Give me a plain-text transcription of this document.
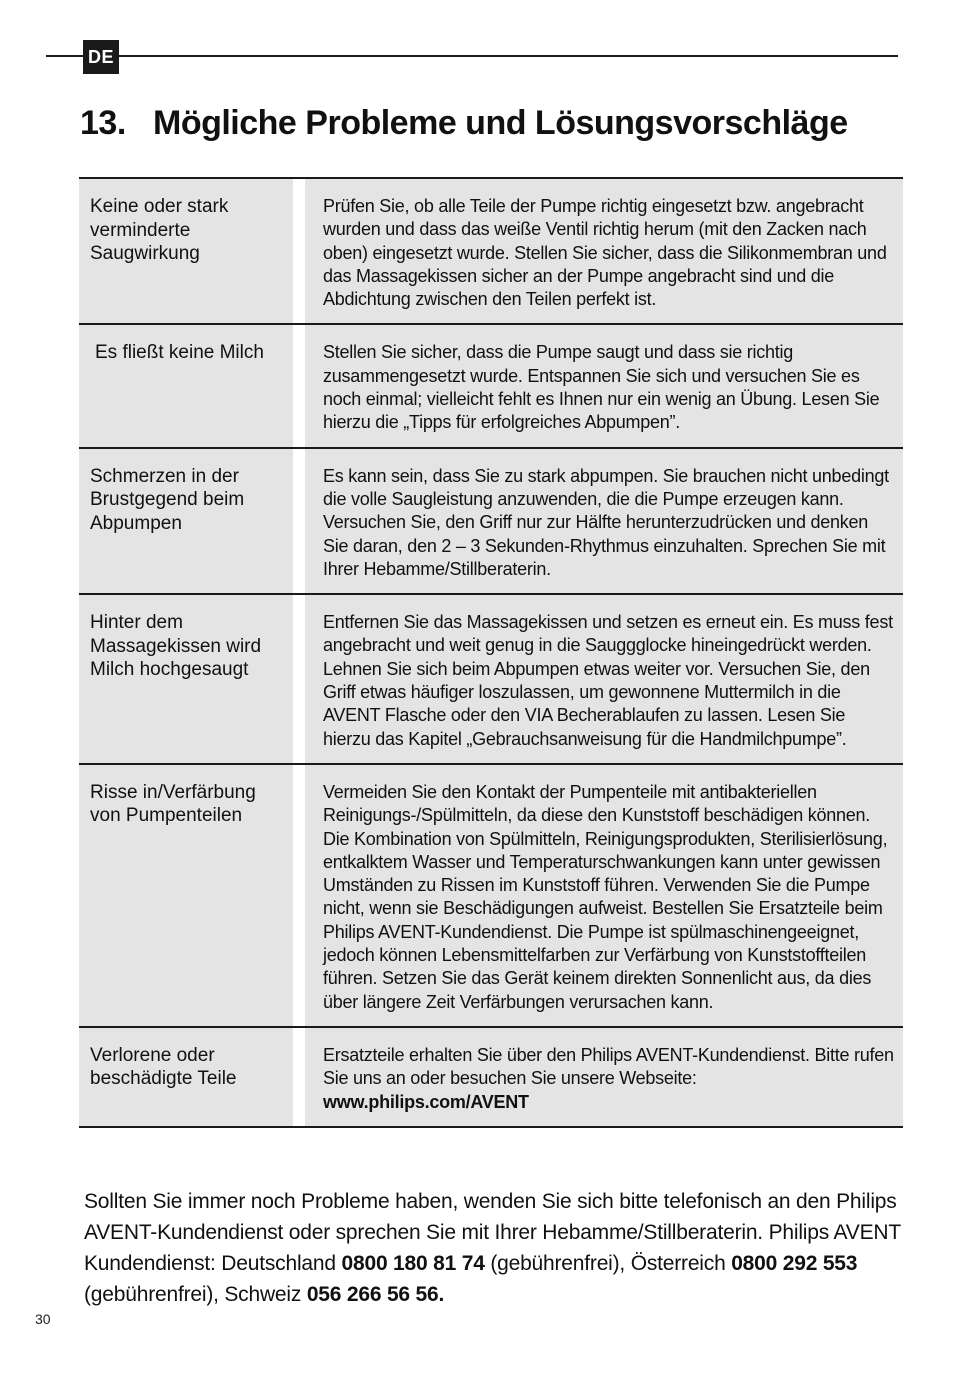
DE
13. Mögliche Probleme und Lösungsvorschläge
Keine oder stark verminderte Saugwirkung
Prüfen Sie, ob alle Teile der Pumpe richtig eingesetzt bzw. angebracht wurden und dass das weiße Ventil richtig herum (mit den Zacken nach oben) eingesetzt wurde. Stellen Sie sicher, dass die Silikonmembran und das Massagekissen sicher an der Pumpe angebracht sind und die Abdichtung zwischen den Teilen perfekt ist.
Es fließt keine Milch	Stellen Sie sicher, dass die Pumpe saugt und dass sie richtig zusammengesetzt wurde. Entspannen Sie sich und versuchen Sie es noch einmal; vielleicht fehlt es Ihnen nur ein wenig an Übung. Lesen Sie hierzu die „Tipps für erfolgreiches Abpumpen”.
Schmerzen in der Brustgegend beim Abpumpen
Es kann sein, dass Sie zu stark abpumpen. Sie brauchen nicht unbedingt die volle Saugleistung anzuwenden, die die Pumpe erzeugen kann. Versuchen Sie, den Griff nur zur Hälfte herunterzudrücken und denken Sie daran, den 2 – 3 Sekunden-Rhythmus einzuhalten. Sprechen Sie mit Ihrer Hebamme/Stillberaterin.
Hinter dem Massagekissen wird Milch hochgesaugt
Entfernen Sie das Massagekissen und setzen es erneut ein. Es muss fest angebracht und weit genug in die Sauggglocke hineingedrückt werden. Lehnen Sie sich beim Abpumpen etwas weiter vor. Versuchen Sie, den Griff etwas häufiger loszulassen, um gewonnene Muttermilch in die AVENT Flasche oder den VIA Becherablaufen zu lassen. Lesen Sie hierzu das Kapitel „Gebrauchsanweisung für die Handmilchpumpe”.
Risse in/Verfärbung von Pumpenteilen
Vermeiden Sie den Kontakt der Pumpenteile mit antibakteriellen Reinigungs-/Spülmitteln, da diese den Kunststoff beschädigen können. Die Kombination von Spülmitteln, Reinigungsprodukten, Sterilisierlösung, entkalktem Wasser und Temperaturschwankungen kann unter gewissen Umständen zu Rissen im Kunststoff führen. Verwenden Sie die Pumpe nicht, wenn sie Beschädigungen aufweist. Bestellen Sie Ersatzteile beim Philips AVENT-Kundendienst. Die Pumpe ist spülmaschinengeeignet, jedoch können Lebensmittelfarben zur Verfärbung von Kunststoffteilen führen. Setzen Sie das Gerät keinem direkten Sonnenlicht aus, da dies über längere Zeit Verfärbungen verursachen kann.
Verlorene oder beschädigte Teile
Ersatzteile erhalten Sie über den Philips AVENT-Kundendienst. Bitte rufen Sie uns an oder besuchen Sie unsere Webseite:
www.philips.com/AVENT

Sollten Sie immer noch Probleme haben, wenden Sie sich bitte telefonisch an den Philips AVENT-Kundendienst oder sprechen Sie mit Ihrer Hebamme/Stillberaterin. Philips AVENT Kundendienst: Deutschland 0800 180 81 74 (gebührenfrei), Österreich 0800 292 553 (gebührenfrei), Schweiz 056 266 56 56.

30
